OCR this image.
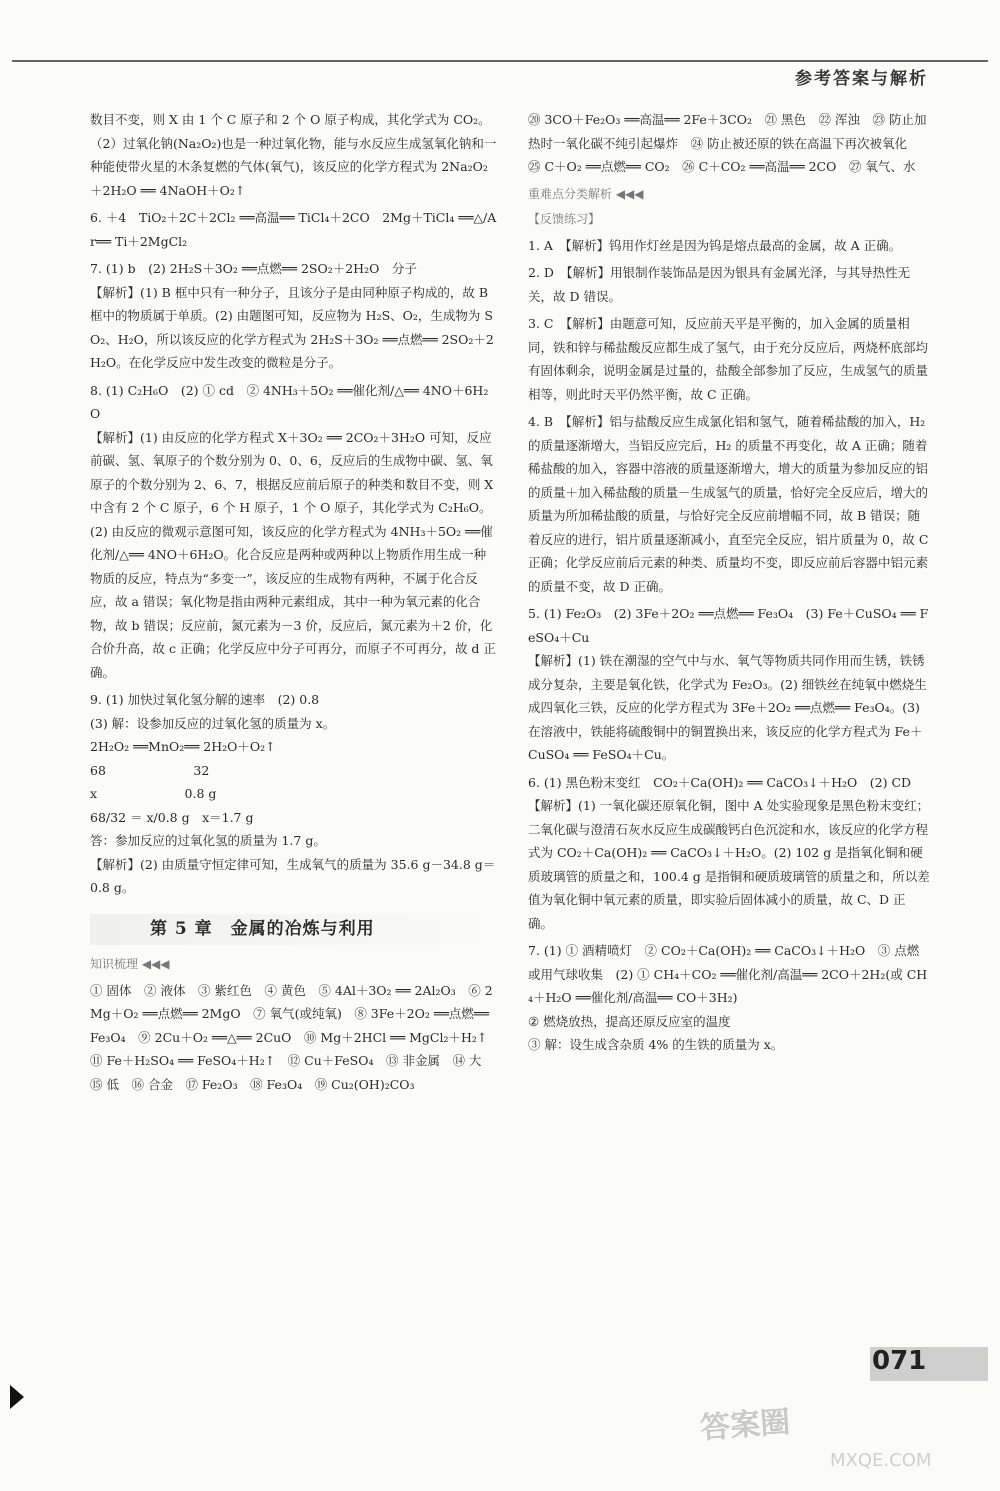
参考答案与解析

数目不变，则 X 由 1 个 C 原子和 2 个 O 原子构成，其化学式为 CO₂。（2）过氧化钠(Na₂O₂)也是一种过氧化物，能与水反应生成氢氧化钠和一种能使带火星的木条复燃的气体(氧气)，该反应的化学方程式为 2Na₂O₂＋2H₂O ══ 4NaOH＋O₂↑

6. ＋4　TiO₂＋2C＋2Cl₂ ══高温══ TiCl₄＋2CO　2Mg＋TiCl₄ ══△/Ar══ Ti＋2MgCl₂

7. (1) b　(2) 2H₂S＋3O₂ ══点燃══ 2SO₂＋2H₂O　分子
【解析】(1) B 框中只有一种分子，且该分子是由同种原子构成的，故 B 框中的物质属于单质。(2) 由题图可知，反应物为 H₂S、O₂，生成物为 SO₂、H₂O，所以该反应的化学方程式为 2H₂S＋3O₂ ══点燃══ 2SO₂＋2H₂O。在化学反应中发生改变的微粒是分子。

8. (1) C₂H₆O　(2) ① cd　② 4NH₃＋5O₂ ══催化剂/△══ 4NO＋6H₂O
【解析】(1) 由反应的化学方程式 X＋3O₂ ══ 2CO₂＋3H₂O 可知，反应前碳、氢、氧原子的个数分别为 0、0、6，反应后的生成物中碳、氢、氧原子的个数分别为 2、6、7，根据反应前后原子的种类和数目不变，则 X 中含有 2 个 C 原子，6 个 H 原子，1 个 O 原子，其化学式为 C₂H₆O。(2) 由反应的微观示意图可知，该反应的化学方程式为 4NH₃＋5O₂ ══催化剂/△══ 4NO＋6H₂O。化合反应是两种或两种以上物质作用生成一种物质的反应，特点为“多变一”，该反应的生成物有两种，不属于化合反应，故 a 错误；氧化物是指由两种元素组成，其中一种为氧元素的化合物，故 b 错误；反应前，氮元素为－3 价，反应后，氮元素为＋2 价，化合价升高，故 c 正确；化学反应中分子可再分，而原子不可再分，故 d 正确。

9. (1) 加快过氧化氢分解的速率　(2) 0.8
(3) 解：设参加反应的过氧化氢的质量为 x。
2H₂O₂ ══MnO₂══ 2H₂O＋O₂↑
68　　　　　　　32
x　　　　　　　0.8 g
68/32 ＝ x/0.8 g　x＝1.7 g
答：参加反应的过氧化氢的质量为 1.7 g。
【解析】(2) 由质量守恒定律可知，生成氧气的质量为 35.6 g－34.8 g＝0.8 g。

第 5 章　金属的冶炼与利用
知识梳理 ◀◀◀

① 固体　② 液体　③ 紫红色　④ 黄色　⑤ 4Al＋3O₂ ══ 2Al₂O₃　⑥ 2Mg＋O₂ ══点燃══ 2MgO　⑦ 氧气(或纯氧)　⑧ 3Fe＋2O₂ ══点燃══ Fe₃O₄　⑨ 2Cu＋O₂ ══△══ 2CuO　⑩ Mg＋2HCl ══ MgCl₂＋H₂↑　⑪ Fe＋H₂SO₄ ══ FeSO₄＋H₂↑　⑫ Cu＋FeSO₄　⑬ 非金属　⑭ 大　⑮ 低　⑯ 合金　⑰ Fe₂O₃　⑱ Fe₃O₄　⑲ Cu₂(OH)₂CO₃

⑳ 3CO＋Fe₂O₃ ══高温══ 2Fe＋3CO₂　㉑ 黑色　㉒ 浑浊　㉓ 防止加热时一氧化碳不纯引起爆炸　㉔ 防止被还原的铁在高温下再次被氧化　㉕ C＋O₂ ══点燃══ CO₂　㉖ C＋CO₂ ══高温══ 2CO　㉗ 氧气、水

重难点分类解析 ◀◀◀
【反馈练习】

1. A　【解析】钨用作灯丝是因为钨是熔点最高的金属，故 A 正确。

2. D　【解析】用银制作装饰品是因为银具有金属光泽，与其导热性无关，故 D 错误。

3. C　【解析】由题意可知，反应前天平是平衡的，加入金属的质量相同，铁和锌与稀盐酸反应都生成了氢气，由于充分反应后，两烧杯底部均有固体剩余，说明金属是过量的，盐酸全部参加了反应，生成氢气的质量相等，则此时天平仍然平衡，故 C 正确。

4. B　【解析】铝与盐酸反应生成氯化铝和氢气，随着稀盐酸的加入，H₂ 的质量逐渐增大，当铝反应完后，H₂ 的质量不再变化，故 A 正确；随着稀盐酸的加入，容器中溶液的质量逐渐增大，增大的质量为参加反应的铝的质量＋加入稀盐酸的质量－生成氢气的质量，恰好完全反应后，增大的质量为所加稀盐酸的质量，与恰好完全反应前增幅不同，故 B 错误；随着反应的进行，铝片质量逐渐减小，直至完全反应，铝片质量为 0，故 C 正确；化学反应前后元素的种类、质量均不变，即反应前后容器中铝元素的质量不变，故 D 正确。

5. (1) Fe₂O₃　(2) 3Fe＋2O₂ ══点燃══ Fe₃O₄　(3) Fe＋CuSO₄ ══ FeSO₄＋Cu
【解析】(1) 铁在潮湿的空气中与水、氧气等物质共同作用而生锈，铁锈成分复杂，主要是氧化铁，化学式为 Fe₂O₃。(2) 细铁丝在纯氧中燃烧生成四氧化三铁，反应的化学方程式为 3Fe＋2O₂ ══点燃══ Fe₃O₄。(3) 在溶液中，铁能将硫酸铜中的铜置换出来，该反应的化学方程式为 Fe＋CuSO₄ ══ FeSO₄＋Cu。

6. (1) 黑色粉末变红　CO₂＋Ca(OH)₂ ══ CaCO₃↓＋H₂O　(2) CD
【解析】(1) 一氧化碳还原氧化铜，图中 A 处实验现象是黑色粉末变红；二氧化碳与澄清石灰水反应生成碳酸钙白色沉淀和水，该反应的化学方程式为 CO₂＋Ca(OH)₂ ══ CaCO₃↓＋H₂O。(2) 102 g 是指氧化铜和硬质玻璃管的质量之和，100.4 g 是指铜和硬质玻璃管的质量之和，所以差值为氧化铜中氧元素的质量，即实验后固体减小的质量，故 C、D 正确。

7. (1) ① 酒精喷灯　② CO₂＋Ca(OH)₂ ══ CaCO₃↓＋H₂O　③ 点燃或用气球收集　(2) ① CH₄＋CO₂ ══催化剂/高温══ 2CO＋2H₂(或 CH₄＋H₂O ══催化剂/高温══ CO＋3H₂)
② 燃烧放热，提高还原反应室的温度
③ 解：设生成含杂质 4% 的生铁的质量为 x。

071
答案圈
MXQE.COM
